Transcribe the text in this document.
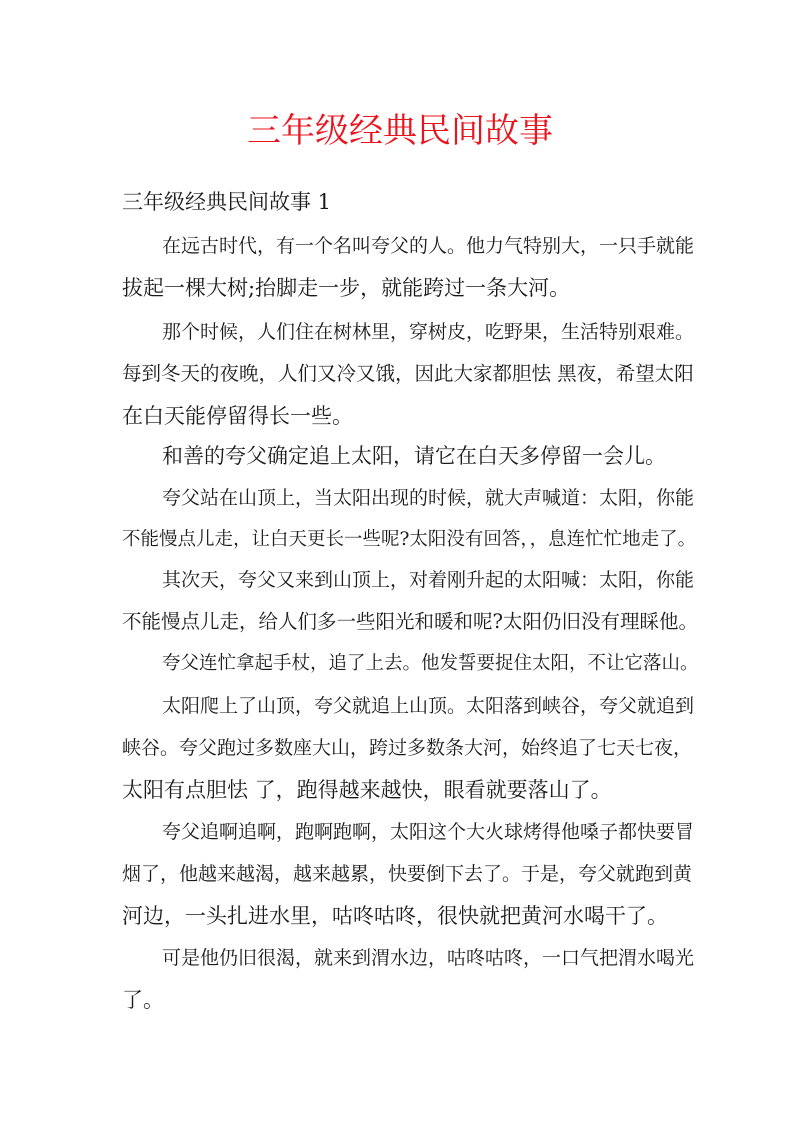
三年级经典民间故事
三年级经典民间故事 1
在远古时代，有一个名叫夸父的人。他力气特别大，一只手就能
拔起一棵大树;抬脚走一步，就能跨过一条大河。
那个时候，人们住在树林里，穿树皮，吃野果，生活特别艰难。
每到冬天的夜晚，人们又冷又饿，因此大家都胆怯 黑夜，希望太阳
在白天能停留得长一些。
和善的夸父确定追上太阳，请它在白天多停留一会儿。
夸父站在山顶上，当太阳出现的时候，就大声喊道：太阳，你能
不能慢点儿走，让白天更长一些呢?太阳没有回答，，息连忙忙地走了。
其次天，夸父又来到山顶上，对着刚升起的太阳喊：太阳，你能
不能慢点儿走，给人们多一些阳光和暖和呢?太阳仍旧没有理睬他。
夸父连忙拿起手杖，追了上去。他发誓要捉住太阳，不让它落山。
太阳爬上了山顶，夸父就追上山顶。太阳落到峡谷，夸父就追到
峡谷。夸父跑过多数座大山，跨过多数条大河，始终追了七天七夜，
太阳有点胆怯 了，跑得越来越快，眼看就要落山了。
夸父追啊追啊，跑啊跑啊，太阳这个大火球烤得他嗓子都快要冒
烟了，他越来越渴，越来越累，快要倒下去了。于是，夸父就跑到黄
河边，一头扎进水里，咕咚咕咚，很快就把黄河水喝干了。
可是他仍旧很渴，就来到渭水边，咕咚咕咚，一口气把渭水喝光
了。
